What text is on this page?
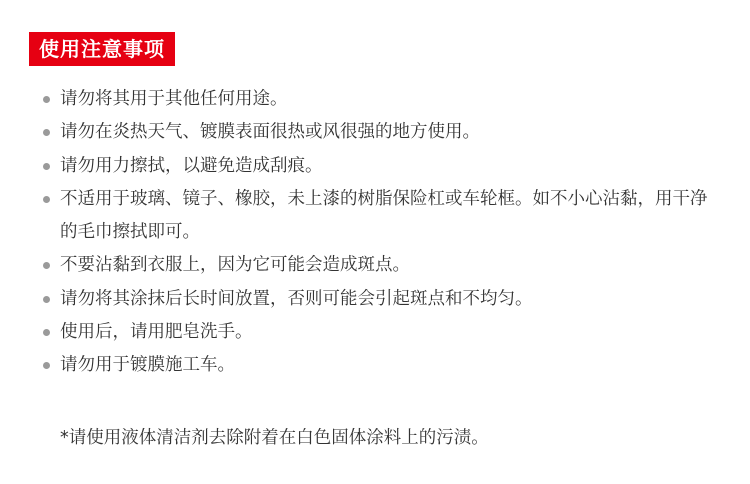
使用注意事项
请勿将其用于其他任何用途。
请勿在炎热天气、镀膜表面很热或风很强的地方使用。
请勿用力擦拭，以避免造成刮痕。
不适用于玻璃、镜子、橡胶，未上漆的树脂保险杠或车轮框。如不小心沾黏，用干净的毛巾擦拭即可。
不要沾黏到衣服上，因为它可能会造成斑点。
请勿将其涂抹后长时间放置，否则可能会引起斑点和不均匀。
使用后，请用肥皂洗手。
请勿用于镀膜施工车。
*请使用液体清洁剂去除附着在白色固体涂料上的污渍。
